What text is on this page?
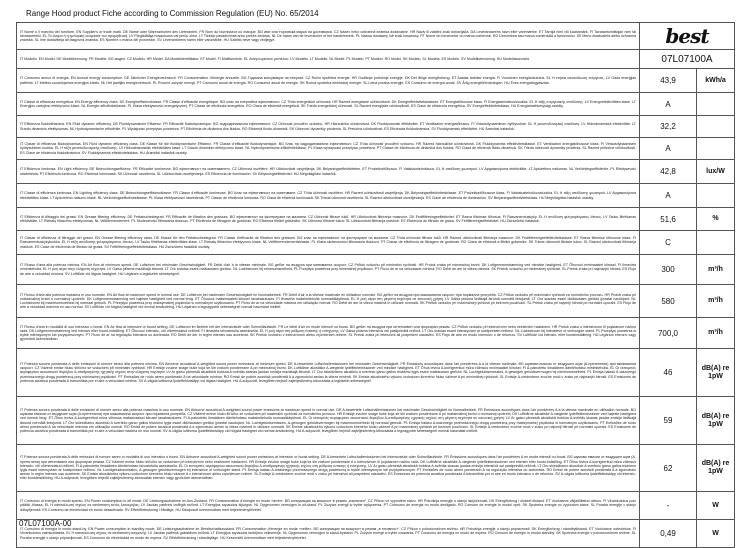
Range Hood product Fiche according to Commission Regulation (EU) No. 65/2014
IT Nome o il marchio del fornitore. EN Supplier's or trade mark. DE Name oder Warenzeichen des Lieferanten. FR Nom du fournisseur ou marque. BG име или търговска марка на доставчика. CZ Název nebo ochranná známka dodavatele. HR Naziv ili zaštitni znak dobavljača. DA Leverandørens navn eller varemærke. ET Tarnija nimi või kaubamärk. FI Tavarantoimittajan nimi tai tavaramerkki. EL Το όνομα ή η εμπορική ονομασία του προμηθευτή. LV Piegādātāja nosaukums vai preču zīme. LT Tiekėjo pavadinimas arba prekės ženklas. NL De naam van de leverancier of het handelsmerk. PL Nazwa dostawcy lub znak towarowy. PT Nome do fornecedor ou marca comercial. RO Denumirea sau marca comercială a furnizorului. SK Meno dodávateľa alebo ochranná známka. SL Ime dobavitelja ali blagovna znamka. ES Nombre o marca del proveedor. SV Leverantörens namn eller varumärke. HU Szállító neve vagy védjegye.	best	
IT Modello. EN Model. DE Modellkennung. FR Modèle. BG модел. CZ Modelu. HR Model. DA Modelidentifikator. ET Mudel. FI Mallitunniste. EL Αναγνωριστικό μοντέλου. LV Modelis. LT Modelis. NL Model. PL Modelu. PT Modelo. RO Model. SK Modelu. SL Modela. ES Modelo. SV Modellbeteckning. HU Modellazonosító.	07L07100A	
IT Consumo annuo di energia. EN Annual energy consumption. DE Jährlicher Energieverbrauch. FR Consommation d'énergie annuelle. BG Годишна консумация на енергия. CZ Roční spotřeba energie. HR Godišnja potrošnja energije. DK Det årlige energiforbrug. ET Aastas tarbitav energia. FI Vuotuinen energiankulutus. EL Η ετήσια κατανάλωση ενέργειας. LV Gada enerģijas patēriņš. LT Metinis suvartojamos energijos kiekis. NL Het jaarlijks energieverbruik. PL Roczne zużycie energii. PT Consumo anual de energia. RO Consumul anual de energie. SK Ročná spotreba elektrickej energie. SL Letna poraba energije. ES Consumo de energía anual. SV Årlig energiförbrukningen. HU Éves energiafogyasztás.	43,9	kWh/a
IT Classe di efficienza energetica. EN Energy efficiency class. DE Energieeffizienzklasse. FR Classe d'efficacité énergétique. BG клас на енергийна ефективност. CZ Třída energetické účinnosti. HR Razred energetske učinkovitosti. DK Energieffektivitetsklassen. ET Energiatõhususe klass. FI Energiatehokkuusluokka. EL Η τάξη ενεργειακής απόδοσης. LV Energoefektivitātes klase. LT Energijos vartojimo efektyvumo klasė. NL Energie-efficiëntieklasse. PL Klasa efektywności energetycznej. PT Classe de eficiência energética. RO Clasa de eficiență energetică. SK Trieda energetickej účinnosti. SL Razred energijske učinkovitosti. ES Clase de eficiencia energética. SV Energieffektivitetsklass. HU Energiahatékonysági osztály.	A	
IT Efficienza fluidodinamica. EN Fluid dynamic efficiency. DE Fluiddynamische Effizienz. FR Efficacité fluidodynamique. BG хидродинамична ефективност. CZ Účinnost proudění vzduchu. HR Hidraulička učinkovitost. DK Fluiddynamisk effektivitet. ET Ventilaatori energiatõhusus. FI Virtausdynaaminen hyötysuhde. EL Η ρευστοδυναμική απόδοση. LV Hidrodinamiskā efektivitāte. LT Srauto dinaminis efektyvumas. NL Hydrodynamische efficiëntie. PL Wydajność przepływu powietrza. PT Eficiência de dinâmica dos fluidos. RO Eficiență fluido-dinamică. SK Účinnosť dynamiky prúdenia. SL Pretočna učinkovitost. ES Eficiencia fluidodinámica. SV Fluiddynamisk effektivitet. HU Áramlási hatásfok.	32,2	
IT Classe di efficienza fluidodinamica. EN Fluid dynamic efficiency class. DE Klasse für die fluiddynamische Effizienz. FR Classe d'efficacité fluidodynamique. BG Клас на хидродинамична ефективност. CZ Třída účinnosti proudění vzduchu. HR Razred hidrauličke učinkovitosti. DK Fluiddynamisk effektivitetsklasse. ET Ventilaatori energiatõhususe klass. FI Virtausdynaamisen hyötysuhteen luokka. EL Η τάξη ρευστοδυναμικής απόδοσης. LV Hidrodinamiskās efektivitātes klase. LT Srauto dinaminio efektyvumo klasė. NL Hydrodynamische-efficiëntieklasse. PL Klasa wydajności przepływu powietrza. PT Classe de eficiência de dinâmica dos fluidos. RO Clasa de eficiență fluido-dinamică. SK Trieda účinnosti dynamiky prúdenia. SL Razred pretočne učinkovitosti. ES Clase de eficiencia fluidodinámica. SV Fluiddynamisk effektivitetsklass. HU Áramlási hatásfok osztály.	A	
IT Efficienza luminosa. EN Light efficiency. DE Beleuchtungseffizienz. FR Efficacité lumineuse. BG ефективност на осветяването. CZ Účinnost osvětlení. HR Učinkovitost osvjetljenja. DK Belysningseffektiviteten. ET Prožektoritõhusus. FI Valaistustehokkuus. EL Η απόδοση φωτισμού. LV Apgaismojuma efektivitāte. LT Apšvietimo našumas. NL Verlichtingsefficiëntie. PL Efektywność oświetlenia. PT Eficiência luminosa. RO Eficiență luminoasă. SK Účinnosť osvetlenia. SL Učinkovitost osvetljevanja. ES Eficiencia de iluminación. SV Belysningseffektivitet. HU Megvilágítási hatásfok.	42,8	lux/W
IT Classe di efficienza luminosa. EN Lighting efficiency class. DE Beleuchtungseffizienzklasse. FR Classe d'efficacité lumineuse. BG Клас на ефективност на осветяване. CZ Třída účinnosti osvětlení. HR Razred učinkovitosti osvjetljenja. DK Belysningseffektivitetsklasse. ET Prožektoritõhususe klass. FI Valaistustehokkuusluokka. EL Η τάξη απόδοσης φωτισμού. LV Apgaismojuma efektivitātes klase. LT Apšvietimo našumo klasė. NL Verlichtingsefficiëntieklasse. PL Klasa efektywności oświetlenia. PT Classe de eficiência luminosa. RO Clasa de eficiență luminoasă. SK Trieda účinnosti osvetlenia. SL Razred učinkovitosti osvetljevanja. ES Clase de eficiencia de iluminación. SV Belysningseffektivitetsklass. HU Megvilágítási hatásfok osztály.	A	
IT Efficienza di filtraggio dei grassi. EN Grease filtering efficiency. DE Fettabscheidegrad. FR Efficacité de filtration des graisses. BG ефективност на филтриране на мазнини. CZ Účinnost filtrace tuků. HR Učinkovitost filtriranja masnoće. DK Fedtfiltreringseffektivitet. ET Rasva filtrimise tõhusus. FI Rasvanerotuskyky. EL Η απόδοση φιλτραρίσματος λίπους. LV Tauku filtrēšanas efektivitāte. LT Riebalų filtravimo efektyvumas. NL Vetfilterrendement. PL Skuteczność filtrowania tłuszczu. PT Eficiência de filtragem de gorduras. RO Eficiența filtrării grăsimilor. SK Účinnosť filtrácie tukov. SL Učinkovitost filtriranja maščob. ES Eficiencia de filtrado de grasa. SV Fettfiltreringseffektivitet. HU Zsírszűrési hatásfok.	51,6	%
IT Classe di efficienza di filtraggio dei grassi. EN Grease filtering efficiency class. DE Klasse für den Fettabscheidegrad. FR Classe d'efficacité de filtration des graisses. BG клас на ефективност на филтриране на мазнини. CZ Třída účinnosti filtrace tuků. HR Razred učinkovitosti filtriranja masnoće. DK Fedtfiltreringseffektivitetsklasse. ET Rasva filtrimise tõhususe klass. FI Rasvanerotuskykyluokka. EL Η τάξη απόδοσης φιλτραρίσματος λίπους. LV Tauku filtrēšanas efektivitātes klase. LT Riebalų filtravimo efektyvumo klasė. NL Vetfilterrendementsklasse. PL Klasa skuteczności filtrowania tłuszczu. PT Classe de eficiência de filtragem de gorduras. RO Clasa de eficiență a filtrării grăsimilor. SK Trieda účinnosti filtrácie tukov. SL Razred učinkovitosti filtriranja maščob. ES Clase de eficiencia de filtrado de grasa. SV Fettfiltreringseffektivitetsklass. HU Zsírszűrési hatásfok osztály.	C	
IT Flusso d'aria alla potenza minima. EN Air flow at minimum speed. DE Luftstrom bei minimaler Geschwindigkeit. FR Débit d'air à la vitesse minimale. BG дебит на въздуха при минимална скорост. CZ Průtok vzduchu při minimální rychlosti. HR Protok zraka pri minimalnoj brzini. DK Luftgennemstrømning ved mindste hastighed. ET Õhuvool minimaalsel kiirusel. FI Ilmavirta minimiteholla. EL Η ροή αέρα στην ελάχιστη ταχύτητα. LV Gaisa plūsma mazākajā ātrumā. LT Oro srautas esant mažiausiam greičiui. NL Luchtstroom bij minimumsnelheid. PL Przepływ powietrza przy minimalnej prędkości. PT Fluxo de ar na velocidade mínima. RO Debit de aer la viteza minimă. SK Prietok vzduchu pri minimálnej rýchlosti. SL Pretok zraka pri najmanjši hitrosti. ES Flujo de aire a velocidad mínima. SV Luftflöde vid lägsta hastighet. HU Légáram a legkisebb sebességnél.	300	m³/h
IT Flusso d'aria alla potenza massima in uso normale. EN Air flow at maximum speed in normal use. DE Luftstrom bei maximaler Geschwindigkeit im Normalbetrieb. FR Débit d'air à la vitesse maximale en utilisation normale. BG дебит на въздуха при максимална скорост при нормална употреба. CZ Průtok vzduchu při maximální rychlosti za normálního provozu. HR Protok zraka pri maksimalnoj brzini u normalnoj upotrebi. DK Luftgennemstrømning ved højeste hastighed ved normal brug. ET Õhuvool maksimaalsel kiirusel tavakasutuses. FI Ilmavirta maksimiteholla normaalikäytössä. EL Η ροή αέρα στη μέγιστη ταχύτητα σε κανονική χρήση. LV Gaisa plūsma lielākajā ātrumā normālā lietojumā. LT Oro srautas esant didžiausiam greičiui įprastai naudojant. NL Luchtstroom bij maximumsnelheid bij normaal gebruik. PL Przepływ powietrza przy maksymalnej prędkości w normalnym użytkowaniu. PT Fluxo de ar na velocidade máxima em utilização normal. RO Debit de aer la viteza maximă în utilizare normală. SK Prietok vzduchu pri maximálnej rýchlosti pri bežnom používaní. SL Pretok zraka pri največji hitrosti pri normalni uporabi. ES Flujo de aire a velocidad máxima en uso normal. SV Luftflöde vid högsta hastighet vid normal användning. HU Légáram a legnagyobb sebességnél normál használat mellett.	580	m³/h
IT Flusso d'aria in modalità di uso intensivo o boost. EN Air flow at intensive or boost setting. DE Luftstrom im Betrieb mit der Intensivstufe oder Schnelllaufstufe. FR Le débit d'air en mode intensif ou boost. BG дебит на въздуха при интензивен или форсиран режим. CZ Průtok vzduchu při intenzivním nebo zesíleném nastavení. HR Protok zraka u intenzivnom ili pojačanom načinu rada. DK Luftgennemstrømning ved intensiv eller boost-indstilling. ET Õhuvool intensiiv- või võimendatud režiimil. FI Ilmavirta tehostetulla asetuksella. EL Η ροή αέρα στη ρύθμιση έντασης ή ενίσχυσης. LV Gaisa plūsma intensīvā vai pastiprinātā režīmā. LT Oro srautas esant intensyviam ar sustiprintam režimui. NL Luchtstroom bij intensieve of verhoogde stand. PL Przepływ powietrza w trybie intensywnym lub przyspieszonym. PT Fluxo de ar na regulação intensiva ou acelerada. RO Debit de aer în regim intensiv sau accelerat. SK Prietok vzduchu v intenzívnom alebo zrýchlenom režime. SL Pretok zraka pri intenzivni ali pospešeni nastavitvi. ES Flujo de aire en modo intensivo o de refuerzo. SV Luftflöde vid intensiv- eller boostinställning. HU Légáram intenzív vagy gyorsított üzemmódban.	700,0	m³/h
IT Potenza sonora ponderata A delle emissioni di rumore aereo alla potenza minima. EN Airborne acoustical A-weighted sound power emissions at minimum speed. DE A-bewertete Luftschallemissionen bei minimaler Geschwindigkeit. FR Émissions acoustiques dans l'air pondérées A à la vitesse minimale. BG шумови емисии от въздушен шум (А-претеглени) при минимална скорост. CZ Vážené emise hluku šířícího se vzduchem při minimální rychlosti. HR Emisije zvučne snage buke koja se širi zrakom ponderirane A pri minimalnoj brzini. DK Luftbårne akustiske A-vægtede lydeffektemissioner ved mindste hastighed. ET Õhus leviva A-korrigeeritud müra võimsus minimaalsel kiirusel. FI A-painotettu ilmaäänen äänitehotaso minimiteholla. EL Οι εκπομπές αερόφερτου ακουστικού θορύβου Α-σταθμισμένης ηχητικής ισχύος στην ελάχιστη ταχύτητα. LV Ar gaisu pārnestā akustiskā trokšņa A-svērtās skaņas jaudas emisija mazākajā ātrumā. LT Oro skleidžiamo akustinio A svertinio garso galios triukšmo lygis esant mažiausiam greičiui. NL Luchtgeluidsemissies, A-gewogen geluidsvermogen bij minimumsnelheid. PL Emisja hałasu A-ważonego przenoszonego drogą powietrzną przy minimalnej prędkości. PT Emissões de ruído aéreo ponderado A na velocidade mínima. RO Emisii de putere acustică ponderată A a zgomotului aerian la viteza minimă. SK Emisie akustického výkonu vzduchom šíreného hluku vážené A pri minimálnej rýchlosti. SL Emisije A-vrednotene zvočne moči v zraku pri najmanjši hitrosti. ES Emisiones de potencia acústica ponderada A transmitida por el aire a velocidad mínima. SV A-vägda luftburna ljudeffektutsläpp vid lägsta hastighet. HU A-súlyozott, levegőben terjedő zajteljesítmény-kibocsátás a legkisebb sebességnél.	46	dB(A) re 1pW
IT Potenza sonora ponderata A delle emissioni di rumore aereo alla potenza massima in uso normale. EN Airborne acoustical A-weighted sound power emissions at maximum speed in normal use. DE A-bewertete Luftschallemissionen bei maximaler Geschwindigkeit im Normalbetrieb. FR Émissions acoustiques dans l'air pondérées A à la vitesse maximale en utilisation normale. BG шумови емисии от въздушен шум (А-претеглени) при максимална скорост при нормална употреба. CZ Vážené emise hluku šířícího se vzduchem při maximální rychlosti za normálního provozu. HR Emisije zvučne snage buke koja se širi zrakom ponderirane A pri maksimalnoj brzini u normalnoj upotrebi. DK Luftbårne akustiske A-vægtede lydeffektemissioner ved højeste hastighed ved normal brug. ET Õhus leviva A-korrigeeritud müra võimsus maksimaalsel kiirusel tavakasutuses. FI A-painotettu ilmaäänen äänitehotaso maksimiteholla normaalikäytössä. EL Οι εκπομπές αερόφερτου ακουστικού θορύβου Α-σταθμισμένης ηχητικής ισχύος στη μέγιστη ταχύτητα σε κανονική χρήση. LV Ar gaisu pārnestā akustiskā trokšņa A-svērtās skaņas jaudas emisija lielākajā ātrumā normālā lietojumā. LT Oro skleidžiamo akustinio A svertinio garso galios triukšmo lygis esant didžiausiam greičiui įprastai naudojant. NL Luchtgeluidsemissies, A-gewogen geluidsvermogen bij maximumsnelheid bij normaal gebruik. PL Emisja hałasu A-ważonego przenoszonego drogą powietrzną przy maksymalnej prędkości w normalnym użytkowaniu. PT Emissões de ruído aéreo ponderado A na velocidade máxima em utilização normal. RO Emisii de putere acustică ponderată A a zgomotului aerian la viteza maximă în utilizare normală. SK Emisie akustického výkonu vzduchom šíreného hluku vážené A pri maximálnej rýchlosti pri bežnom používaní. SL Emisije A-vrednotene zvočne moči v zraku pri največji hitrosti pri normalni uporabi. ES Emisiones de potencia acústica ponderada A transmitida por el aire a velocidad máxima en uso normal. SV A-vägda luftburna ljudeffektutsläpp vid högsta hastighet vid normal användning. HU A-súlyozott, levegőben terjedő zajteljesítmény-kibocsátás a legnagyobb sebességnél normál használat mellett.	59	dB(A) re 1pW
IT Potenza sonora ponderata A delle emissioni di rumore aereo in modalità di uso intensivo o boost. EN Airborne acoustical A-weighted sound power emissions at intensive or boost setting. DE A-bewertete Luftschallemissionen bei Intensivstufe oder Schnelllaufstufe. FR Émissions acoustiques dans l'air pondérées A en mode intensif ou boost. BG шумови емисии от въздушен шум (А-претеглени) при интензивен или форсиран режим. CZ Vážené emise hluku šířícího se vzduchem při intenzivním nebo zesíleném nastavení. HR Emisije zvučne snage buke koja se širi zrakom ponderirane A u intenzivnom ili pojačanom načinu rada. DK Luftbårne akustiske A-vægtede lydeffektemissioner ved intensiv eller boost-indstilling. ET Õhus leviva A-korrigeeritud müra võimsus intensiiv- või võimendatud režiimil. FI A-painotettu ilmaäänen äänitehotaso tehostetulla asetuksella. EL Οι εκπομπές αερόφερτου ακουστικού θορύβου Α-σταθμισμένης ηχητικής ισχύος στη ρύθμιση έντασης ή ενίσχυσης. LV Ar gaisu pārnestā akustiskā trokšņa A-svērtās skaņas jaudas emisija intensīvā vai pastiprinātā režīmā. LT Oro skleidžiamo akustinio A svertinio garso galios triukšmo lygis esant intensyviam ar sustiprintam režimui. NL Luchtgeluidsemissies, A-gewogen geluidsvermogen bij intensieve of verhoogde stand. PL Emisja hałasu A-ważonego przenoszonego drogą powietrzną w trybie intensywnym lub przyspieszonym. PT Emissões de ruído aéreo ponderado A na regulação intensiva ou acelerada. RO Emisii de putere acustică ponderată A a zgomotului aerian în regim intensiv sau accelerat. SK Emisie akustického výkonu vzduchom šíreného hluku vážené A v intenzívnom alebo zrýchlenom režime. SL Emisije A-vrednotene zvočne moči v zraku pri intenzivni ali pospešeni nastavitvi. ES Emisiones de potencia acústica ponderada A transmitida por el aire en modo intensivo o de refuerzo. SV A-vägda luftburna ljudeffektutsläpp vid intensiv- eller boostinställning. HU A-súlyozott, levegőben terjedő zajteljesítmény-kibocsátás intenzív vagy gyorsított üzemmódban.	62	dB(A) re 1pW
IT Consumo di energia in modo spento. EN Power consumption in off mode. DE Leistungsaufnahme im Aus-Zustand. FR Consommation d'énergie en mode «arrêt». BG консумация на мощност в режим „изключен“. CZ Příkon ve vypnutém stavu. HR Potrošnja energije u stanju isključenosti. DK Energiforbrug i slukket tilstand. ET Voolutarve väljalülitatud olekus. FI Virrankulutus pois päältä -tilassa. EL Η κατανάλωση ισχύος σε κατάσταση εκτός λειτουργίας. LV Jaudas patēriņš izslēgtā režīmā. LT Energijos sąnaudos išjungus. NL Opgenomen vermogen in uit-stand. PL Zużycie energii w trybie wyłączenia. PT Consumo de energia no modo desligado. RO Consum de energie în modul oprit. SK Spotreba energie vo vypnutom stave. SL Poraba energije v stanju izklopljenosti. ES Consumo de electricidad en modo desactivado. SV Effektförbrukning i frånläge. HU Kikapcsolt üzemmódban mért teljesítményfelvétel.	-	W
IT Consumo di energia in modo stand-by. EN Power consumption in standby mode. DE Leistungsaufnahme im Bereitschaftszustand. FR Consommation d'énergie en mode «veille». BG консумация на мощност в режим „в готовност“. CZ Příkon v pohotovostním režimu. HR Potrošnja energije u stanju pripravnosti. DK Energiforbrug i standbytilstand. ET Voolutarve ooteolekus. FI Virrankulutus valmiustilassa. EL Η κατανάλωση ισχύος σε κατάσταση αναμονής. LV Jaudas patēriņš gaidstāves režīmā. LT Energijos sąnaudos budėjimo veiksenoje. NL Opgenomen vermogen in stand-bystand. PL Zużycie energii w trybie czuwania. PT Consumo de energia no modo de espera. RO Consum de energie în modul standby. SK Spotreba energie v pohotovostnom režime. SL Poraba energije v stanju pripravljenosti. ES Consumo de electricidad en modo de espera. SV Effektförbrukning i standbyläge. HU Készenléti üzemmódban mért teljesítményfelvétel.	0,49	W
07L07100A-00
